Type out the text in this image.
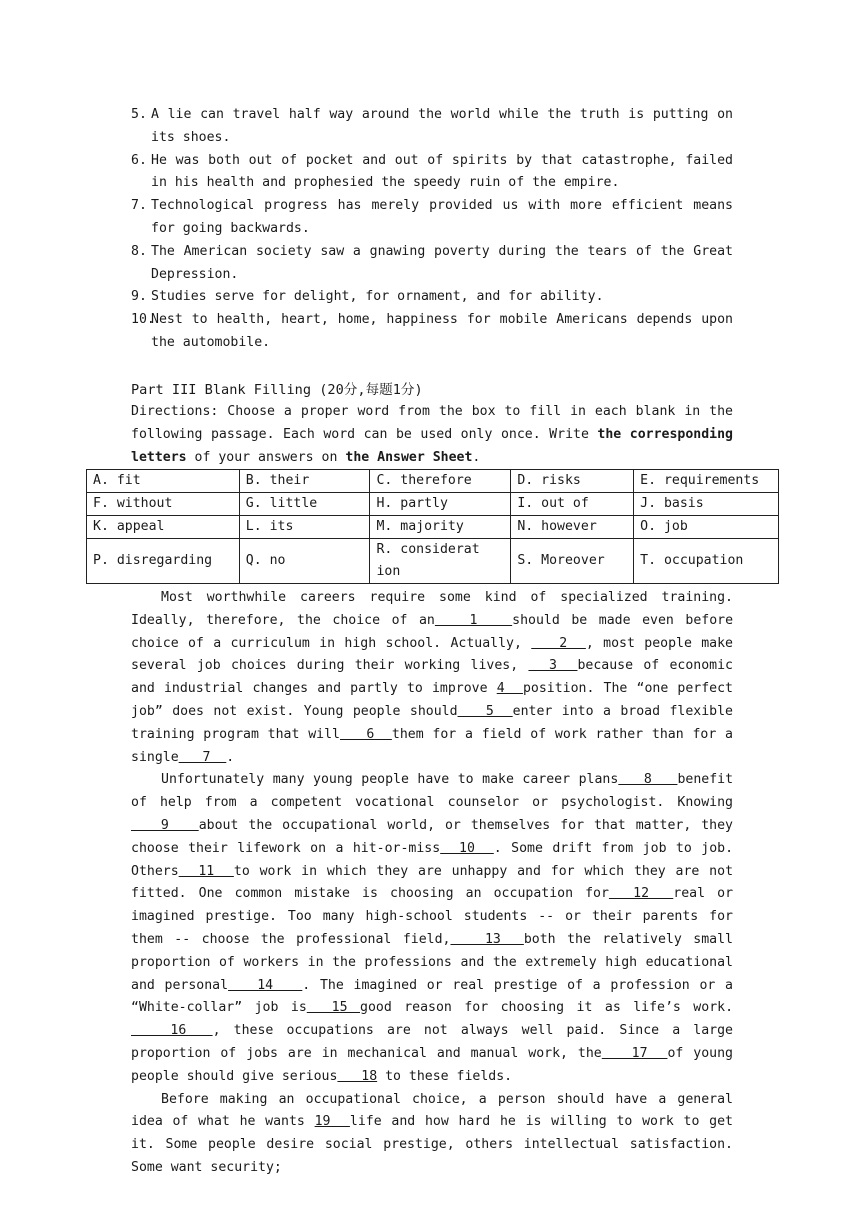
5. A lie can travel half way around the world while the truth is putting on its shoes.
6. He was both out of pocket and out of spirits by that catastrophe, failed in his health and prophesied the speedy ruin of the empire.
7. Technological progress has merely provided us with more efficient means for going backwards.
8. The American society saw a gnawing poverty during the tears of the Great Depression.
9. Studies serve for delight, for ornament, and for ability.
10.
Nest to health, heart, home, happiness for mobile Americans depends upon the automobile.
Part III Blank Filling (20分,每题1分)
Directions: Choose a proper word from the box to fill in each blank in the following passage. Each word can be used only once. Write the corresponding letters of your answers on the Answer Sheet.
A. fit	B. their	C. therefore	D. risks	E. requirements
F. without	G. little	H. partly	I. out of	J. basis
K. appeal	L. its	M. majority	N. however	O. job
P. disregarding	Q. no	R. consideration	S. Moreover	T. occupation

Most worthwhile careers require some kind of specialized training. Ideally, therefore, the choice of an   1   should be made even before choice of a curriculum in high school. Actually,    2  , most people make several job choices during their working lives,   3  because of economic and industrial changes and partly to improve 4  position. The “one perfect job” does not exist. Young people should   5  enter into a broad flexible training program that will   6  them for a field of work rather than for a single   7  .

Unfortunately many young people have to make career plans   8   benefit of help from a competent vocational counselor or psychologist. Knowing   9   about the occupational world, or themselves for that matter, they choose their lifework on a hit-or-miss  10  . Some drift from job to job. Others  11  to work in which they are unhappy and for which they are not fitted. One common mistake is choosing an occupation for  12  real or imagined prestige. Too many high-school students -- or their parents for them -- choose the professional field,   13  both the relatively small proportion of workers in the professions and the extremely high educational and personal   14   . The imagined or real prestige of a profession or a “White-collar” job is  15 good reason for choosing it as life’s work.   16  , these occupations are not always well paid. Since a large proportion of jobs are in mechanical and manual work, the   17  of young people should give serious   18 to these fields.

Before making an occupational choice, a person should have a general idea of what he wants 19  life and how hard he is willing to work to get it. Some people desire social prestige, others intellectual satisfaction. Some want security;
